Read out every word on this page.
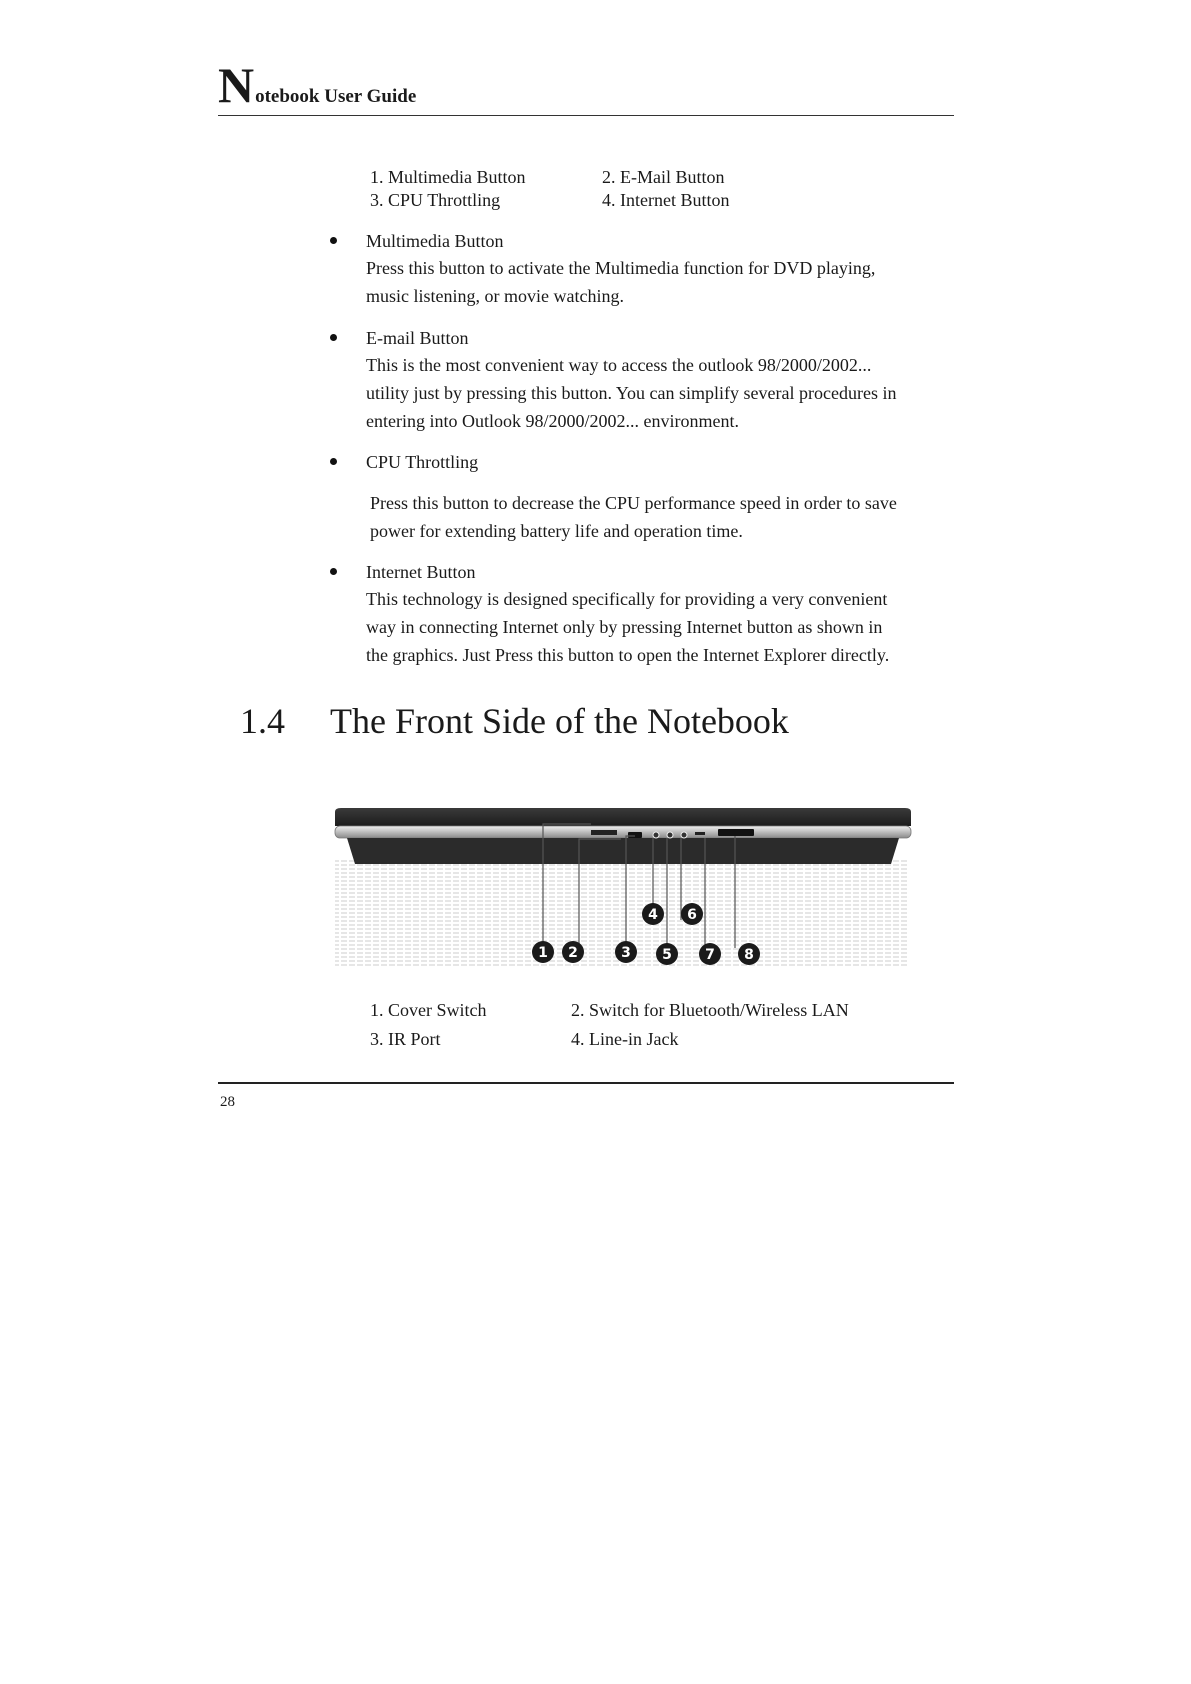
N otebook User Guide
1. Multimedia Button	2. E-Mail Button
3. CPU Throttling	4. Internet Button
Multimedia Button
Press this button to activate the Multimedia function for DVD playing,
music listening, or movie watching.
E-mail Button
This is the most convenient way to access the outlook 98/2000/2002...
utility just by pressing this button. You can simplify several procedures in
entering into Outlook 98/2000/2002... environment.
CPU Throttling
Press this button to decrease the CPU performance speed in order to save
power for extending battery life and operation time.
Internet Button
This technology is designed specifically for providing a very convenient
way in connecting Internet only by pressing Internet button as shown in
the graphics. Just Press this button to open the Internet Explorer directly.
1.4 The Front Side of the Notebook
1 2	3
4
5
6
7 8
1. Cover Switch	2. Switch for Bluetooth/Wireless LAN
3. IR Port	4. Line-in Jack
28
